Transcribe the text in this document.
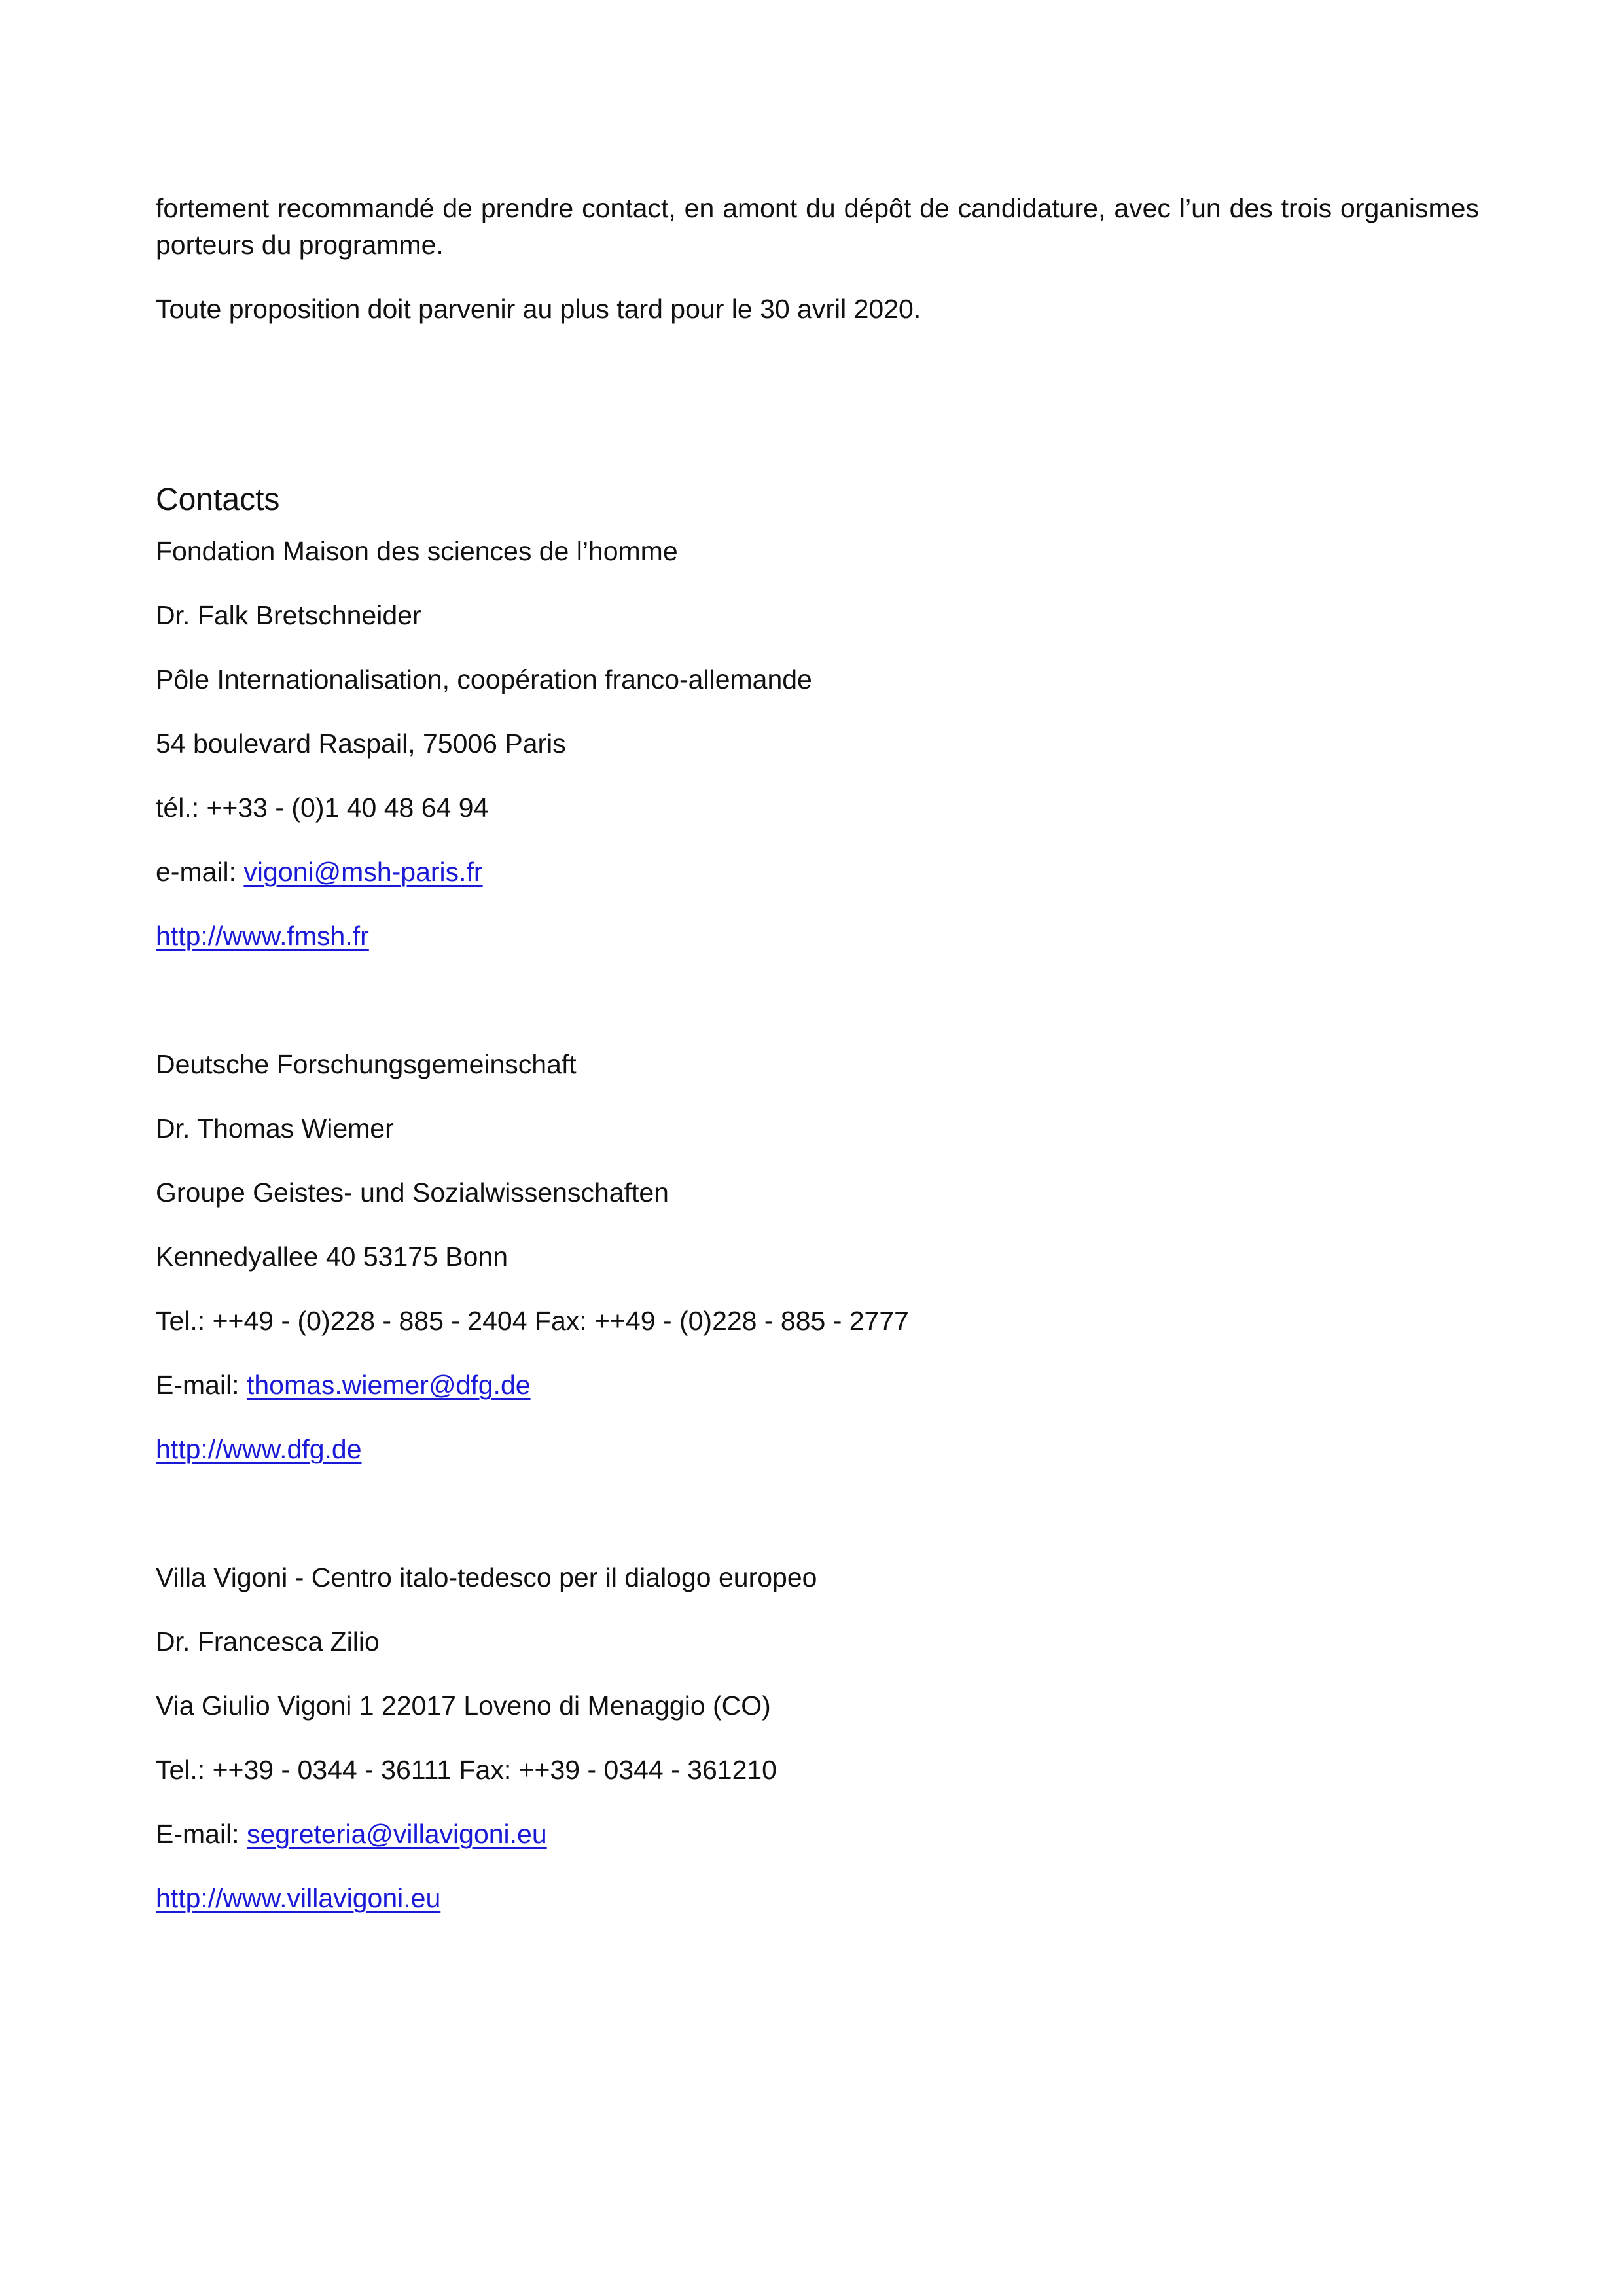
fortement recommandé de prendre contact, en amont du dépôt de candidature, avec l’un des trois organismes porteurs du programme.

Toute proposition doit parvenir au plus tard pour le 30 avril 2020.

Contacts
Fondation Maison des sciences de l’homme
Dr. Falk Bretschneider
Pôle Internationalisation, coopération franco-allemande
54 boulevard Raspail, 75006 Paris
tél.: ++33 - (0)1 40 48 64 94
e-mail: vigoni@msh-paris.fr
http://www.fmsh.fr
Deutsche Forschungsgemeinschaft
Dr. Thomas Wiemer
Groupe Geistes- und Sozialwissenschaften
Kennedyallee 40 53175 Bonn
Tel.: ++49 - (0)228 - 885 - 2404 Fax: ++49 - (0)228 - 885 - 2777
E-mail: thomas.wiemer@dfg.de
http://www.dfg.de
Villa Vigoni - Centro italo-tedesco per il dialogo europeo
Dr. Francesca Zilio
Via Giulio Vigoni 1 22017 Loveno di Menaggio (CO)
Tel.: ++39 - 0344 - 36111 Fax: ++39 - 0344 - 361210
E-mail: segreteria@villavigoni.eu
http://www.villavigoni.eu
